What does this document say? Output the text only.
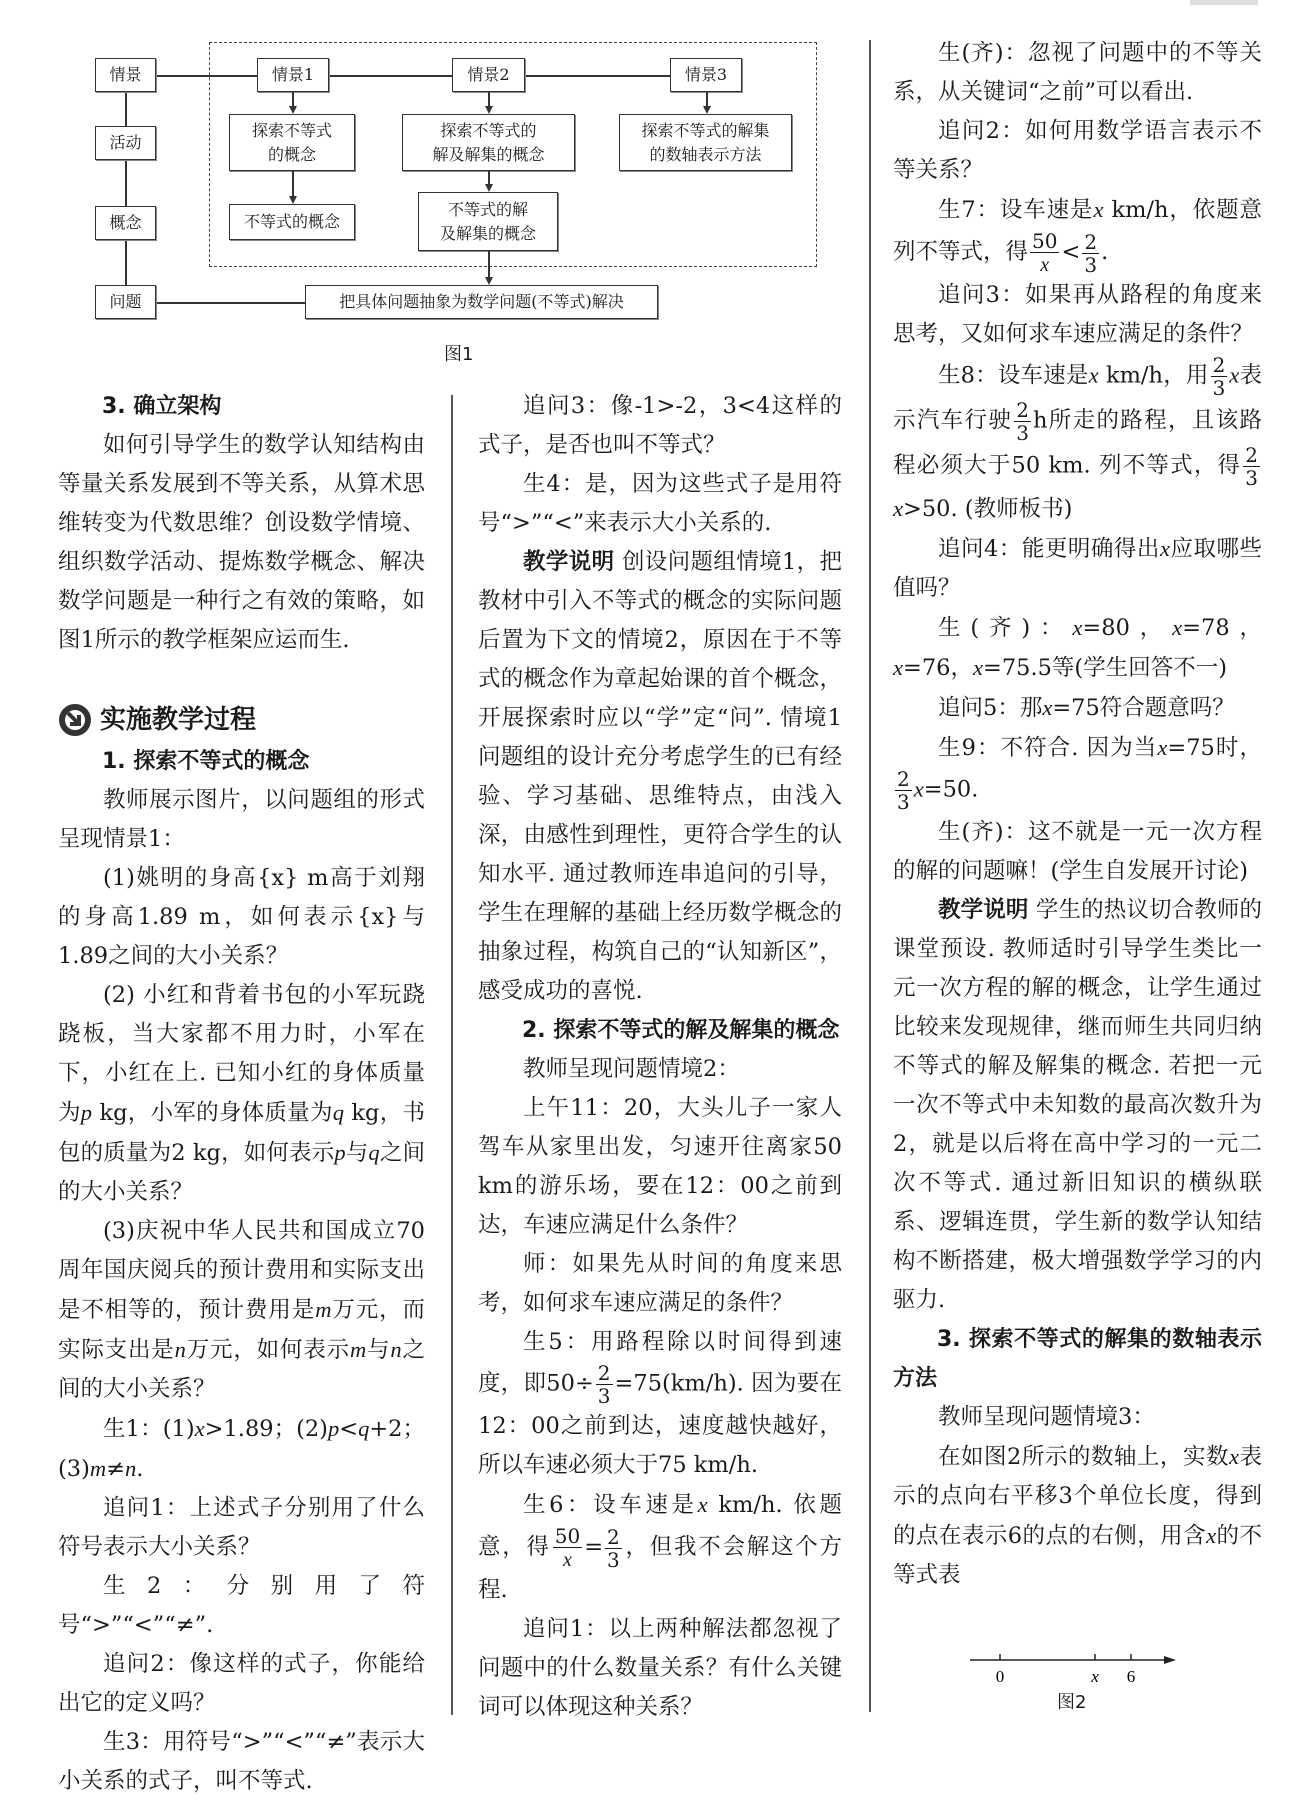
情景
活动
概念
问题
情景1	情景2	情景3
探索不等式
的概念
探索不等式的
解及解集的概念
探索不等式的解集
的数轴表示方法
不等式的概念
不等式的解
及解集的概念
把具体问题抽象为数学问题(不等式)解决
图1
3. 确立架构

如何引导学生的数学认知结构由等量关系发展到不等关系，从算术思维转变为代数思维？创设数学情境、组织数学活动、提炼数学概念、解决数学问题是一种行之有效的策略，如图1所示的教学框架应运而生.

实施教学过程
1. 探索不等式的概念

教师展示图片，以问题组的形式呈现情景1：

(1)姚明的身高{x} m高于刘翔的身高1.89 m，如何表示{x}与1.89之间的大小关系？

(2) 小红和背着书包的小军玩跷跷板，当大家都不用力时，小军在下，小红在上. 已知小红的身体质量为p kg，小军的身体质量为q kg，书包的质量为2 kg，如何表示p与q之间的大小关系？

(3)庆祝中华人民共和国成立70周年国庆阅兵的预计费用和实际支出是不相等的，预计费用是m万元，而实际支出是n万元，如何表示m与n之间的大小关系？

生1：(1)x>1.89；(2)p<q+2；(3)m≠n.

追问1：上述式子分别用了什么符号表示大小关系？

生2：分别用了符号“>”“<”“≠”.

追问2：像这样的式子，你能给出它的定义吗？

生3：用符号“>”“<”“≠”表示大小关系的式子，叫不等式.

追问3：像-1>-2，3<4这样的式子，是否也叫不等式？

生4：是，因为这些式子是用符号“>”“<”来表示大小关系的.

教学说明 创设问题组情境1，把教材中引入不等式的概念的实际问题后置为下文的情境2，原因在于不等式的概念作为章起始课的首个概念，开展探索时应以“学”定“问”. 情境1问题组的设计充分考虑学生的已有经验、学习基础、思维特点，由浅入深，由感性到理性，更符合学生的认知水平. 通过教师连串追问的引导，学生在理解的基础上经历数学概念的抽象过程，构筑自己的“认知新区”，感受成功的喜悦.

2. 探索不等式的解及解集的概念

教师呈现问题情境2：

上午11：20，大头儿子一家人驾车从家里出发，匀速开往离家50 km的游乐场，要在12：00之前到达，车速应满足什么条件？

师：如果先从时间的角度来思考，如何求车速应满足的条件？

生5：用路程除以时间得到速度，即$50\div \frac{2}{3} =75(km/h)$. 因为要在12：00之前到达，速度越快越好，所以车速必须大于75 km/h.

生6：设车速是x km/h. 依题意，得 $\frac{50}{x} = \frac{2}{3}$ ，但我不会解这个方程.

追问1：以上两种解法都忽视了问题中的什么数量关系？有什么关键词可以体现这种关系？

生(齐)：忽视了问题中的不等关系，从关键词“之前”可以看出.

追问2：如何用数学语言表示不等关系？

生7：设车速是x km/h，依题意列不等式，得 $\frac{50}{x} < \frac{2}{3}$ .

追问3：如果再从路程的角度来思考，又如何求车速应满足的条件？

生8：设车速是x km/h，用 $\frac{2}{3}$ x表示汽车行驶 $\frac{2}{3}$ h所走的路程，且该路程必须大于50 km. 列不等式，得 $\frac{2}{3}$
x>50. (教师板书)

追问4：能更明确得出x应取哪些值吗？

生(齐)：x=80，x=78，x=76，x=75.5等(学生回答不一)

追问5：那x=75符合题意吗？

生9：不符合. 因为当x=75时，
$\frac{2}{3} x=50$.

生(齐)：这不就是一元一次方程的解的问题嘛！(学生自发展开讨论)

教学说明 学生的热议切合教师的课堂预设. 教师适时引导学生类比一元一次方程的解的概念，让学生通过比较来发现规律，继而师生共同归纳不等式的解及解集的概念. 若把一元一次不等式中未知数的最高次数升为2，就是以后将在高中学习的一元二次不等式. 通过新旧知识的横纵联系、逻辑连贯，学生新的数学认知结构不断搭建，极大增强数学学习的内驱力.

3. 探索不等式的解集的数轴表示方法

教师呈现问题情境3：

在如图2所示的数轴上，实数x表示的点向右平移3个单位长度，得到的点在表示6的点的右侧，用含x的不等式表

0	x 6
图2
